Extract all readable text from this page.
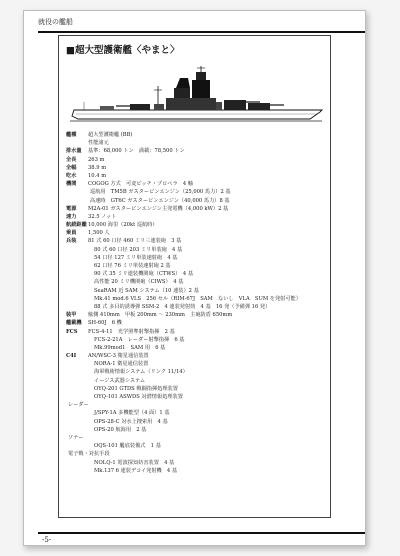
就役の艦船
■超大型護衛艦〈やまと〉
艦種 超大型護衛艦 (BB)
性能諸元
排水量 基準：68,000 トン　満載：78,500 トン
全長 263 m
全幅 38.9 m
吃水 10.4 m
機関 COGOG 方式　可変ピッチ・プロペラ　4 軸
巡航用　TM5B ガスタービンエンジン（25,000 馬力）2 基
高速時　GT6C ガスタービンエンジン（40,000 馬力）8 基
電源 M2A-01 ガスタービンエンジン主発電機（4,000 kW）2 基
速力 32.5 ノット
航続距離10,000 海里（20kt 巡航時）
乗員 1,500 人
兵装 81 式 60 口径 460 ミリ三連装砲　3 基
80 式 60 口径 203 ミリ単装砲　4 基
54 口径 127 ミリ単装速射砲　4 基
62 口径 76 ミリ単装速射砲 2 基
90 式 35 ミリ連装機関砲（CTWS）　4 基
高性能 20 ミリ機関砲（CIWS）　4 基
SeaRAM 近 SAM システム（10 連装）2 基
Mk.41 mod.6 VLS　256 セル（RIM-67J　SAM　ないし　VLA　SUM を発射可能）
88 式 多目的誘導弾 SSM-2　4 連装発射筒　4 基　16 発（予備弾 16 発）
装甲 舷側 410mm　甲板 200mm ～ 230mm　主砲防盾 650mm
艦載機 SH-60J　6 機
FCS FCS-4-11　光学照準射撃指揮　2 基
FCS-2-21A　レーダー射撃指揮　6 基
Mk.99mod1　SAM 用　6 基
C4I AN/WSC-3 衛星通信装置
NORA-1 衛星通信装置
海軍戦術情報システム（リンク 11/14）
イージス武器システム
OYQ-201 GTDS 戦闘指揮処理装置
OYQ-101 ASWDS 対潜情報処理装置
レーダー
J/SPY-1A 多機能型（4 面）1 基
OPS-28-C 対水上捜索用　4 基
OPS-20 航海用　2 基
ソナー
OQS-101 艦底装備式　1 基
電子戦・対抗手段
NOLQ-1 電波探知妨害装置　4 基
Mk.137 6 連装デコイ発射機　4 基
-5-
